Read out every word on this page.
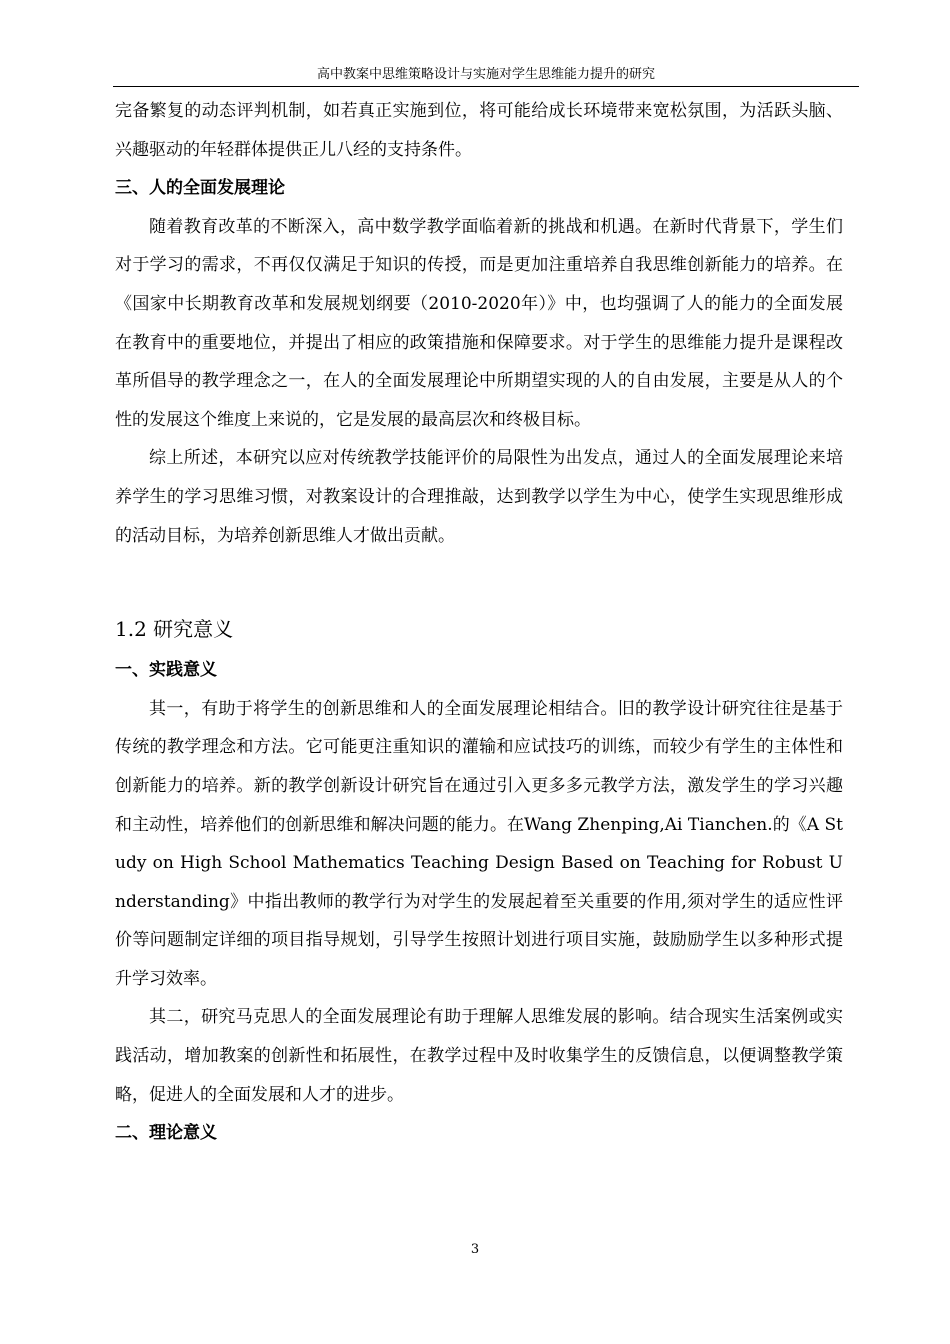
高中教案中思维策略设计与实施对学生思维能力提升的研究

完备繁复的动态评判机制，如若真正实施到位，将可能给成长环境带来宽松氛围，为活跃头脑、兴趣驱动的年轻群体提供正儿八经的支持条件。

三、人的全面发展理论

随着教育改革的不断深入，高中数学教学面临着新的挑战和机遇。在新时代背景下，学生们对于学习的需求，不再仅仅满足于知识的传授，而是更加注重培养自我思维创新能力的培养。在《国家中长期教育改革和发展规划纲要（2010-2020年）》中，也均强调了人的能力的全面发展在教育中的重要地位，并提出了相应的政策措施和保障要求。对于学生的思维能力提升是课程改革所倡导的教学理念之一，在人的全面发展理论中所期望实现的人的自由发展，主要是从人的个性的发展这个维度上来说的，它是发展的最高层次和终极目标。

综上所述，本研究以应对传统教学技能评价的局限性为出发点，通过人的全面发展理论来培养学生的学习思维习惯，对教案设计的合理推敲，达到教学以学生为中心，使学生实现思维形成的活动目标，为培养创新思维人才做出贡献。

1.2 研究意义

一、实践意义

其一，有助于将学生的创新思维和人的全面发展理论相结合。旧的教学设计研究往往是基于传统的教学理念和方法。它可能更注重知识的灌输和应试技巧的训练，而较少有学生的主体性和创新能力的培养。新的教学创新设计研究旨在通过引入更多多元教学方法，激发学生的学习兴趣和主动性，培养他们的创新思维和解决问题的能力。在Wang Zhenping,Ai Tianchen.的《A Study on High School Mathematics Teaching Design Based on Teaching for Robust Understanding》中指出教师的教学行为对学生的发展起着至关重要的作用,须对学生的适应性评价等问题制定详细的项目指导规划，引导学生按照计划进行项目实施，鼓励励学生以多种形式提升学习效率。

其二，研究马克思人的全面发展理论有助于理解人思维发展的影响。结合现实生活案例或实践活动，增加教案的创新性和拓展性，在教学过程中及时收集学生的反馈信息，以便调整教学策略，促进人的全面发展和人才的进步。

二、理论意义

3
